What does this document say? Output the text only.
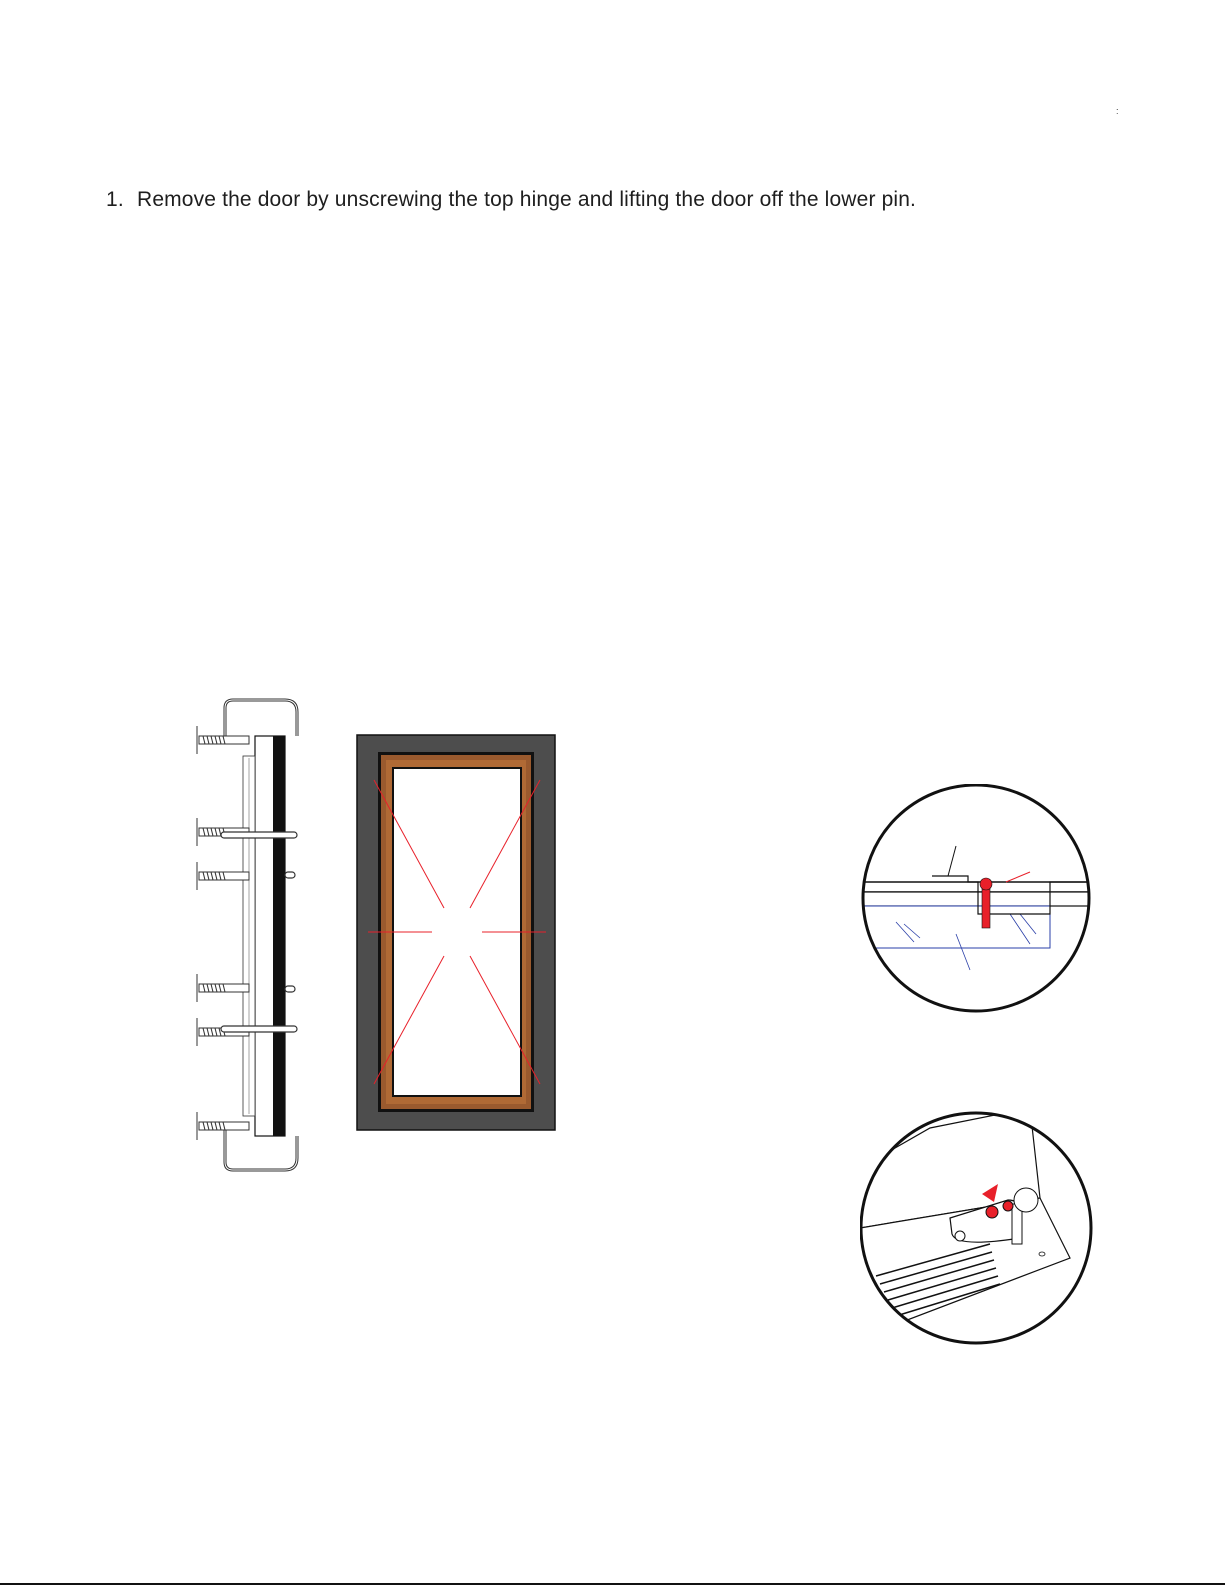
:
1. Remove the door by unscrewing the top hinge and lifting the door off the lower pin.
